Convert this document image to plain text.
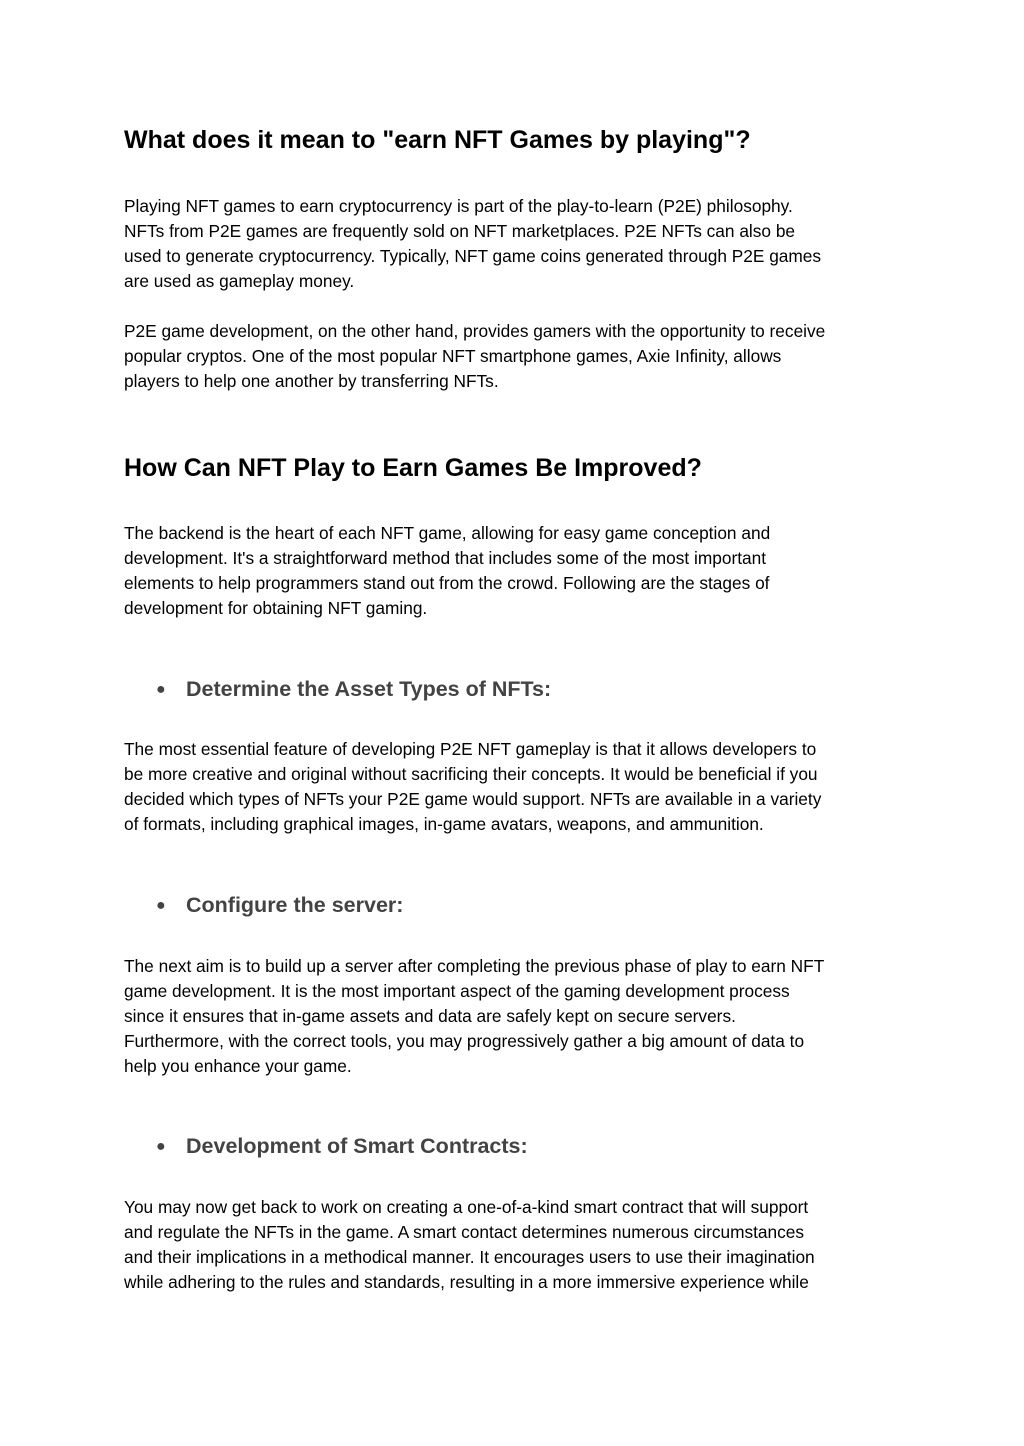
What does it mean to "earn NFT Games by playing"?

Playing NFT games to earn cryptocurrency is part of the play-to-learn (P2E) philosophy.
NFTs from P2E games are frequently sold on NFT marketplaces. P2E NFTs can also be
used to generate cryptocurrency. Typically, NFT game coins generated through P2E games
are used as gameplay money.

P2E game development, on the other hand, provides gamers with the opportunity to receive
popular cryptos. One of the most popular NFT smartphone games, Axie Infinity, allows
players to help one another by transferring NFTs.

How Can NFT Play to Earn Games Be Improved?

The backend is the heart of each NFT game, allowing for easy game conception and
development. It's a straightforward method that includes some of the most important
elements to help programmers stand out from the crowd. Following are the stages of
development for obtaining NFT gaming.

● Determine the Asset Types of NFTs:

The most essential feature of developing P2E NFT gameplay is that it allows developers to
be more creative and original without sacrificing their concepts. It would be beneficial if you
decided which types of NFTs your P2E game would support. NFTs are available in a variety
of formats, including graphical images, in-game avatars, weapons, and ammunition.

● Configure the server:

The next aim is to build up a server after completing the previous phase of play to earn NFT
game development. It is the most important aspect of the gaming development process
since it ensures that in-game assets and data are safely kept on secure servers.
Furthermore, with the correct tools, you may progressively gather a big amount of data to
help you enhance your game.

● Development of Smart Contracts:

You may now get back to work on creating a one-of-a-kind smart contract that will support
and regulate the NFTs in the game. A smart contact determines numerous circumstances
and their implications in a methodical manner. It encourages users to use their imagination
while adhering to the rules and standards, resulting in a more immersive experience while
